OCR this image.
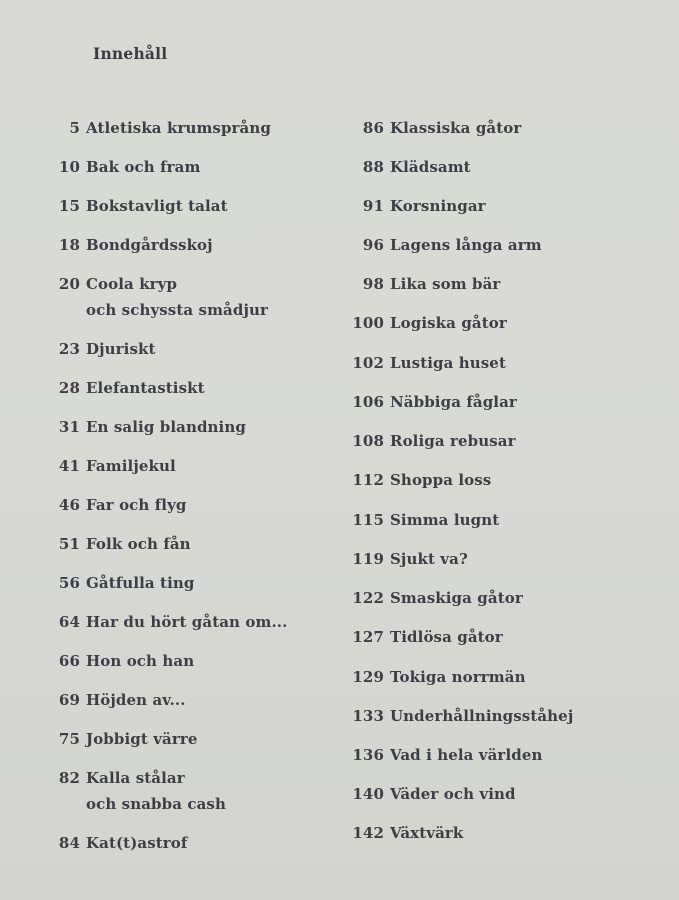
Innehåll
5 Atletiska krumsprång
10 Bak och fram
15 Bokstavligt talat
18 Bondgårdsskoj
20 Coola kryp
och schyssta smådjur
23 Djuriskt
28 Elefantastiskt
31 En salig blandning
41 Familjekul
46 Far och flyg
51 Folk och fån
56 Gåtfulla ting
64 Har du hört gåtan om...
66 Hon och han
69 Höjden av...
75 Jobbigt värre
82 Kalla stålar
och snabba cash
84 Kat(t)astrof
86 Klassiska gåtor
88 Klädsamt
91 Korsningar
96 Lagens långa arm
98 Lika som bär
100 Logiska gåtor
102 Lustiga huset
106 Näbbiga fåglar
108 Roliga rebusar
112 Shoppa loss
115 Simma lugnt
119 Sjukt va?
122 Smaskiga gåtor
127 Tidlösa gåtor
129 Tokiga norrmän
133 Underhållningsståhej
136 Vad i hela världen
140 Väder och vind
142 Växtvärk
